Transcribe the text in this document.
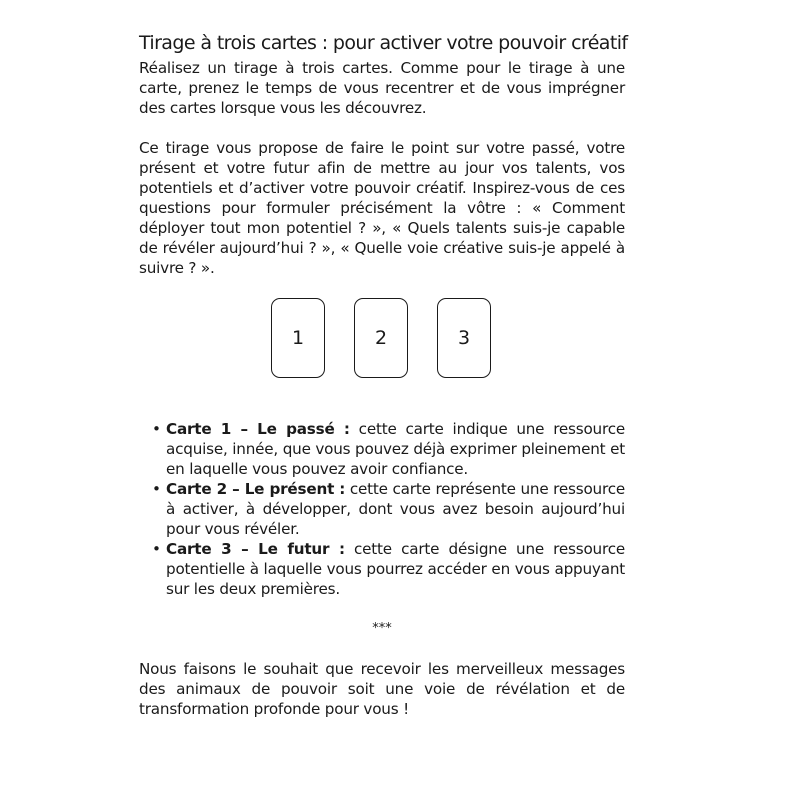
Tirage à trois cartes : pour activer votre pouvoir créatif

Réalisez un tirage à trois cartes. Comme pour le tirage à une carte, prenez le temps de vous recentrer et de vous imprégner des cartes lorsque vous les découvrez.

Ce tirage vous propose de faire le point sur votre passé, votre présent et votre futur afin de mettre au jour vos talents, vos potentiels et d’activer votre pouvoir créatif. Inspirez-vous de ces questions pour formuler précisément la vôtre : « Comment déployer tout mon potentiel ? », « Quels talents suis-je capable de révéler aujourd’hui ? », « Quelle voie créative suis-je appelé à suivre ? ».

1	2	3
• Carte 1 – Le passé : cette carte indique une ressource acquise, innée, que vous pouvez déjà exprimer pleinement et en laquelle vous pouvez avoir confiance.
• Carte 2 – Le présent : cette carte représente une ressource à activer, à développer, dont vous avez besoin aujourd’hui pour vous révéler.
• Carte 3 – Le futur : cette carte désigne une ressource potentielle à laquelle vous pourrez accéder en vous appuyant sur les deux premières.
***

Nous faisons le souhait que recevoir les merveilleux messages des animaux de pouvoir soit une voie de révélation et de transformation profonde pour vous !
